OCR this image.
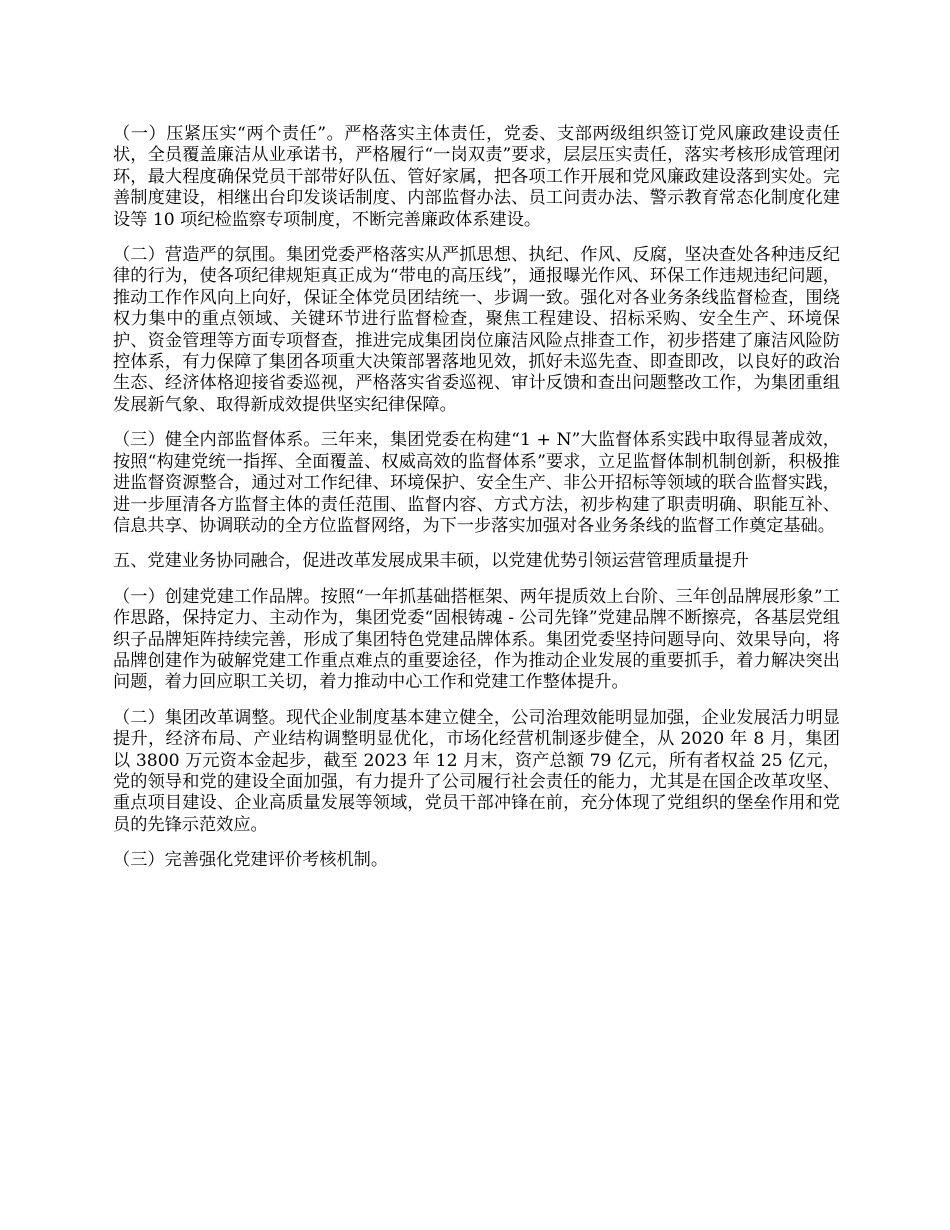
（一）压紧压实“两个责任”。严格落实主体责任，党委、支部两级组织签订党风廉政建设责任状，全员覆盖廉洁从业承诺书，严格履行“一岗双责”要求，层层压实责任，落实考核形成管理闭环，最大程度确保党员干部带好队伍、管好家属，把各项工作开展和党风廉政建设落到实处。完善制度建设，相继出台印发谈话制度、内部监督办法、员工问责办法、警示教育常态化制度化建设等 10 项纪检监察专项制度，不断完善廉政体系建设。

（二）营造严的氛围。集团党委严格落实从严抓思想、执纪、作风、反腐，坚决查处各种违反纪律的行为，使各项纪律规矩真正成为“带电的高压线”，通报曝光作风、环保工作违规违纪问题，推动工作作风向上向好，保证全体党员团结统一、步调一致。强化对各业务条线监督检查，围绕权力集中的重点领域、关键环节进行监督检查，聚焦工程建设、招标采购、安全生产、环境保护、资金管理等方面专项督查，推进完成集团岗位廉洁风险点排查工作，初步搭建了廉洁风险防控体系，有力保障了集团各项重大决策部署落地见效，抓好未巡先查、即查即改，以良好的政治生态、经济体格迎接省委巡视，严格落实省委巡视、审计反馈和查出问题整改工作，为集团重组发展新气象、取得新成效提供坚实纪律保障。

（三）健全内部监督体系。三年来，集团党委在构建“1 + N”大监督体系实践中取得显著成效，按照“构建党统一指挥、全面覆盖、权威高效的监督体系”要求，立足监督体制机制创新，积极推进监督资源整合，通过对工作纪律、环境保护、安全生产、非公开招标等领域的联合监督实践，进一步厘清各方监督主体的责任范围、监督内容、方式方法，初步构建了职责明确、职能互补、信息共享、协调联动的全方位监督网络，为下一步落实加强对各业务条线的监督工作奠定基础。

五、党建业务协同融合，促进改革发展成果丰硕，以党建优势引领运营管理质量提升

（一）创建党建工作品牌。按照“一年抓基础搭框架、两年提质效上台阶、三年创品牌展形象”工作思路，保持定力、主动作为，集团党委“固根铸魂 - 公司先锋”党建品牌不断擦亮，各基层党组织子品牌矩阵持续完善，形成了集团特色党建品牌体系。集团党委坚持问题导向、效果导向，将品牌创建作为破解党建工作重点难点的重要途径，作为推动企业发展的重要抓手，着力解决突出问题，着力回应职工关切，着力推动中心工作和党建工作整体提升。

（二）集团改革调整。现代企业制度基本建立健全，公司治理效能明显加强，企业发展活力明显提升，经济布局、产业结构调整明显优化，市场化经营机制逐步健全，从 2020 年 8 月，集团以 3800 万元资本金起步，截至 2023 年 12 月末，资产总额 79 亿元，所有者权益 25 亿元，党的领导和党的建设全面加强，有力提升了公司履行社会责任的能力，尤其是在国企改革攻坚、重点项目建设、企业高质量发展等领域，党员干部冲锋在前，充分体现了党组织的堡垒作用和党员的先锋示范效应。

（三）完善强化党建评价考核机制。
